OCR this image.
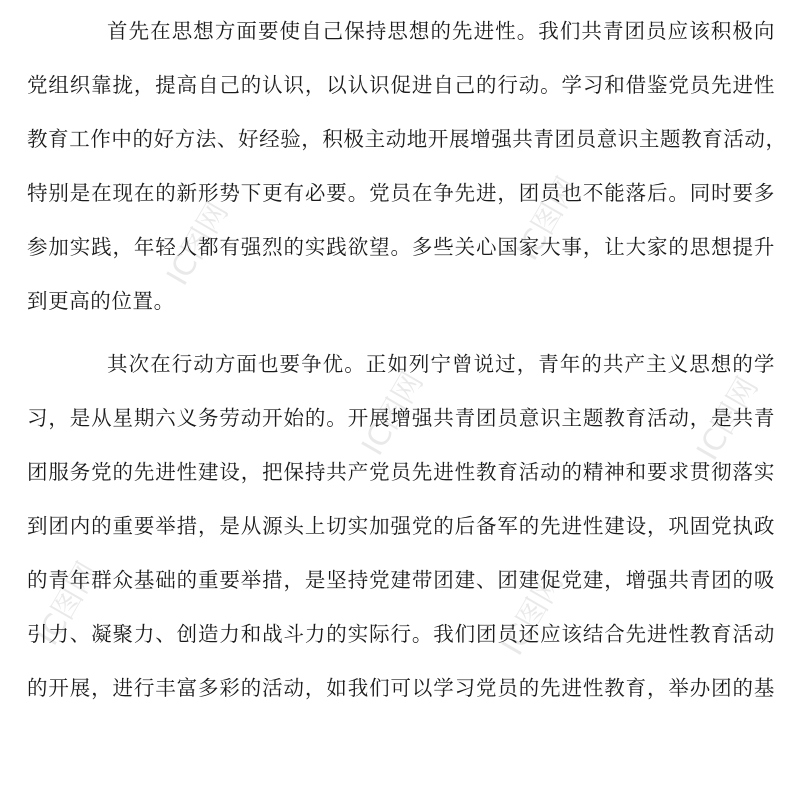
IC图网	IC图网
IC图网	IC图网
IC图网	IC图网
首先在思想方面要使自己保持思想的先进性。我们共青团员应该积极向
党组织靠拢，提高自己的认识，以认识促进自己的行动。学习和借鉴党员先进性
教育工作中的好方法、好经验，积极主动地开展增强共青团员意识主题教育活动，
特别是在现在的新形势下更有必要。党员在争先进，团员也不能落后。同时要多
参加实践，年轻人都有强烈的实践欲望。多些关心国家大事，让大家的思想提升
到更高的位置。
其次在行动方面也要争优。正如列宁曾说过，青年的共产主义思想的学
习，是从星期六义务劳动开始的。开展增强共青团员意识主题教育活动，是共青
团服务党的先进性建设，把保持共产党员先进性教育活动的精神和要求贯彻落实
到团内的重要举措，是从源头上切实加强党的后备军的先进性建设，巩固党执政
的青年群众基础的重要举措，是坚持党建带团建、团建促党建，增强共青团的吸
引力、凝聚力、创造力和战斗力的实际行。我们团员还应该结合先进性教育活动
的开展，进行丰富多彩的活动，如我们可以学习党员的先进性教育，举办团的基
